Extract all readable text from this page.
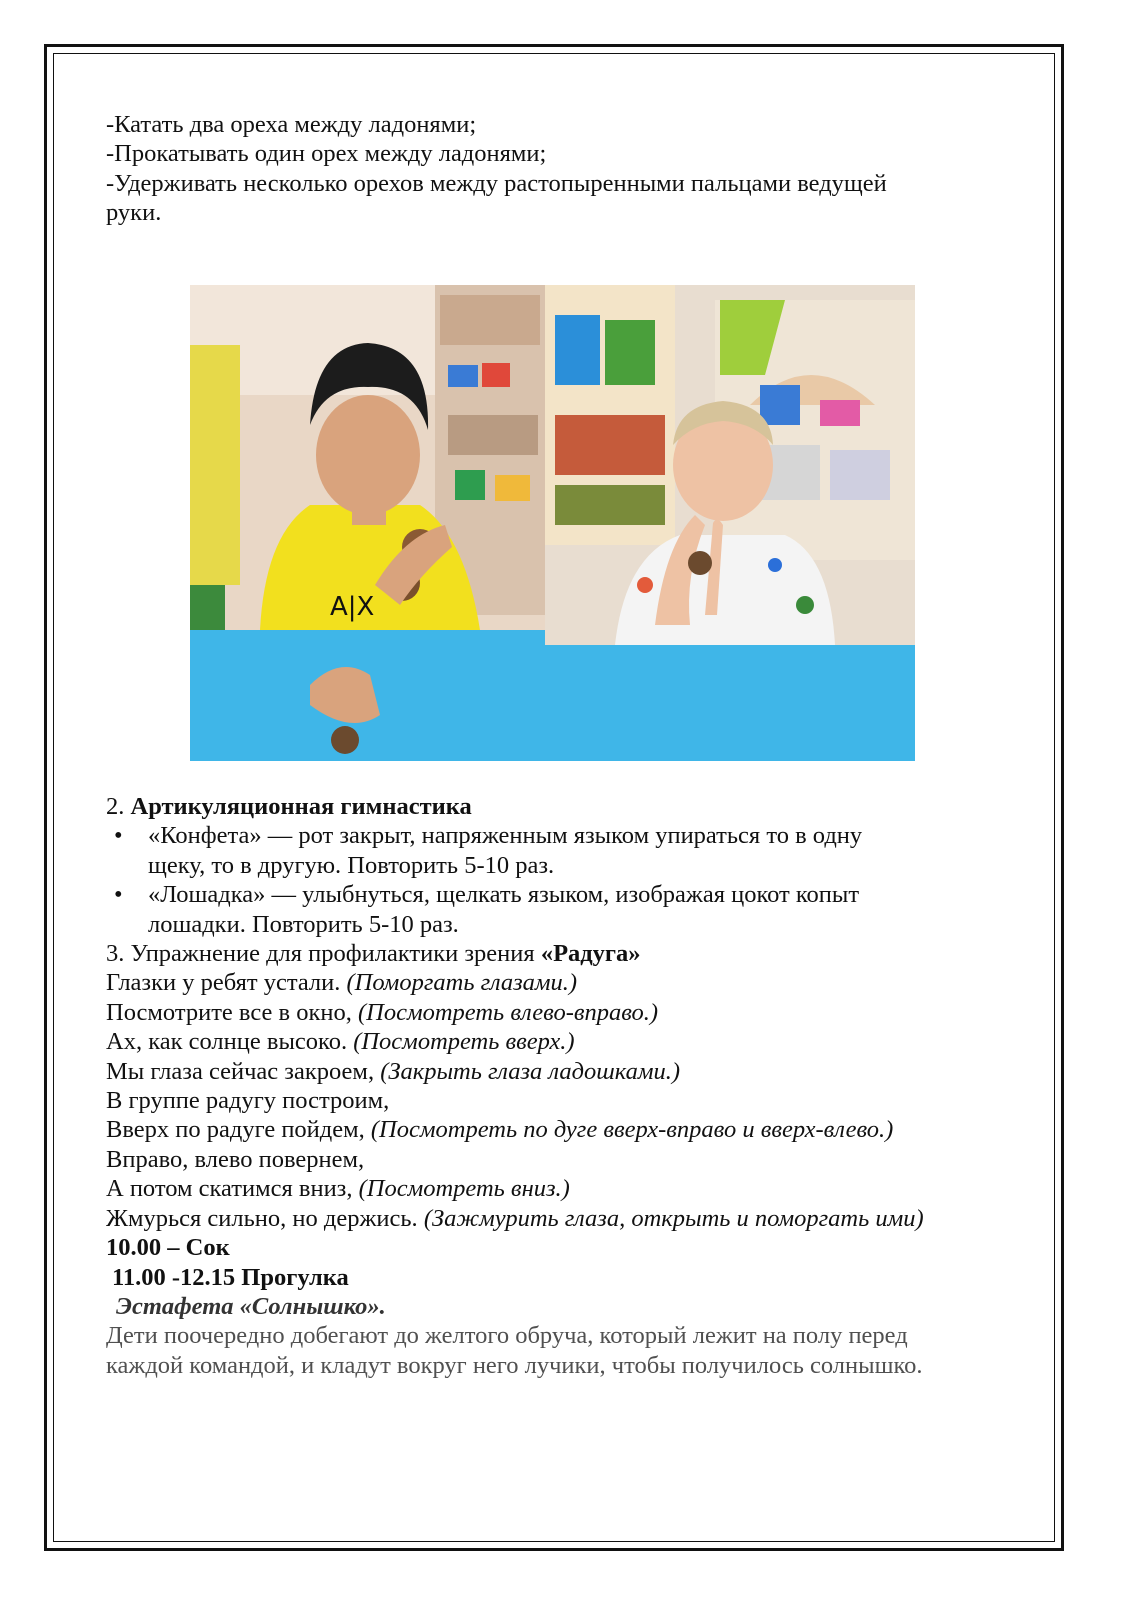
-Катать два ореха между ладонями;
-Прокатывать один орех между ладонями;
-Удерживать несколько орехов между растопыренными пальцами ведущей
руки.
A|X
2. Артикуляционная гимнастика
• «Конфета» — рот закрыт, напряженным языком упираться то в одну
щеку, то в другую. Повторить 5-10 раз.
• «Лошадка» — улыбнуться, щелкать языком, изображая цокот копыт
лошадки. Повторить 5-10 раз.
3. Упражнение для профилактики зрения «Радуга»
Глазки у ребят устали. (Поморгать глазами.)
Посмотрите все в окно, (Посмотреть влево-вправо.)
Ах, как солнце высоко. (Посмотреть вверх.)
Мы глаза сейчас закроем, (Закрыть глаза ладошками.)
В группе радугу построим,
Вверх по радуге пойдем, (Посмотреть по дуге вверх-вправо и вверх-влево.)
Вправо, влево повернем,
А потом скатимся вниз, (Посмотреть вниз.)
Жмурься сильно, но держись. (Зажмурить глаза, открыть и поморгать ими)
10.00 – Сок
11.00 -12.15 Прогулка
Эстафета «Солнышко».
Дети поочередно добегают до желтого обруча, который лежит на полу перед
каждой командой, и кладут вокруг него лучики, чтобы получилось солнышко.
